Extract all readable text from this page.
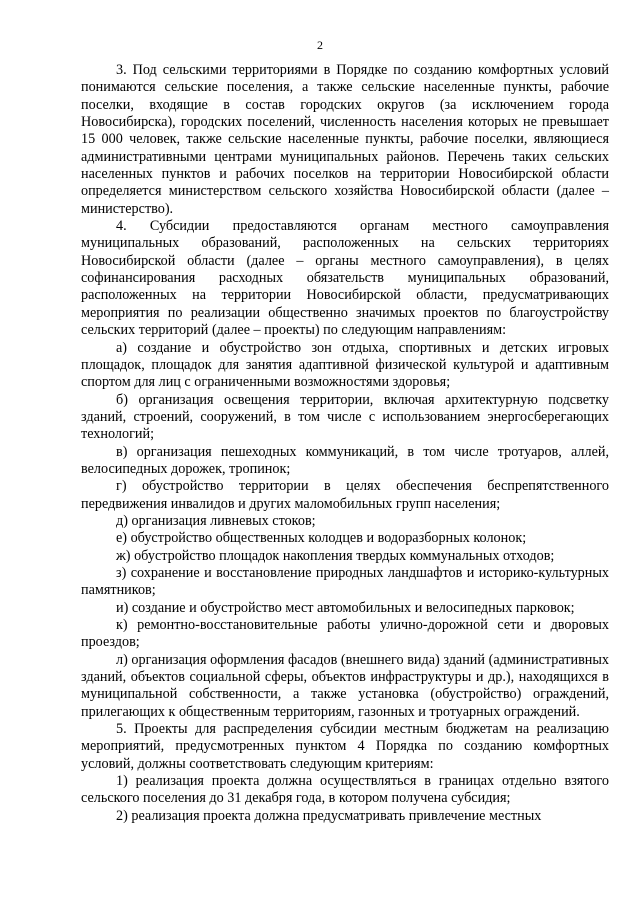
2

3. Под сельскими территориями в Порядке по созданию комфортных условий понимаются сельские поселения, а также сельские населенные пункты, рабочие поселки, входящие в состав городских округов (за исключением города Новосибирска), городских поселений, численность населения которых не превышает 15 000 человек, также сельские населенные пункты, рабочие поселки, являющиеся административными центрами муниципальных районов. Перечень таких сельских населенных пунктов и рабочих поселков на территории Новосибирской области определяется министерством сельского хозяйства Новосибирской области (далее – министерство).

4. Субсидии предоставляются органам местного самоуправления муниципальных образований, расположенных на сельских территориях Новосибирской области (далее – органы местного самоуправления), в целях софинансирования расходных обязательств муниципальных образований, расположенных на территории Новосибирской области, предусматривающих мероприятия по реализации общественно значимых проектов по благоустройству сельских территорий (далее – проекты) по следующим направлениям:

а) создание и обустройство зон отдыха, спортивных и детских игровых площадок, площадок для занятия адаптивной физической культурой и адаптивным спортом для лиц с ограниченными возможностями здоровья;

б) организация освещения территории, включая архитектурную подсветку зданий, строений, сооружений, в том числе с использованием энергосберегающих технологий;

в) организация пешеходных коммуникаций, в том числе тротуаров, аллей, велосипедных дорожек, тропинок;

г) обустройство территории в целях обеспечения беспрепятственного передвижения инвалидов и других маломобильных групп населения;

д) организация ливневых стоков;

е) обустройство общественных колодцев и водоразборных колонок;

ж) обустройство площадок накопления твердых коммунальных отходов;

з) сохранение и восстановление природных ландшафтов и историко-культурных памятников;

и) создание и обустройство мест автомобильных и велосипедных парковок;

к) ремонтно-восстановительные работы улично-дорожной сети и дворовых проездов;

л) организация оформления фасадов (внешнего вида) зданий (административных зданий, объектов социальной сферы, объектов инфраструктуры и др.), находящихся в муниципальной собственности, а также установка (обустройство) ограждений, прилегающих к общественным территориям, газонных и тротуарных ограждений.

5. Проекты для распределения субсидии местным бюджетам на реализацию мероприятий, предусмотренных пунктом 4 Порядка по созданию комфортных условий, должны соответствовать следующим критериям:

1) реализация проекта должна осуществляться в границах отдельно взятого сельского поселения до 31 декабря года, в котором получена субсидия;

2) реализация проекта должна предусматривать привлечение местных
